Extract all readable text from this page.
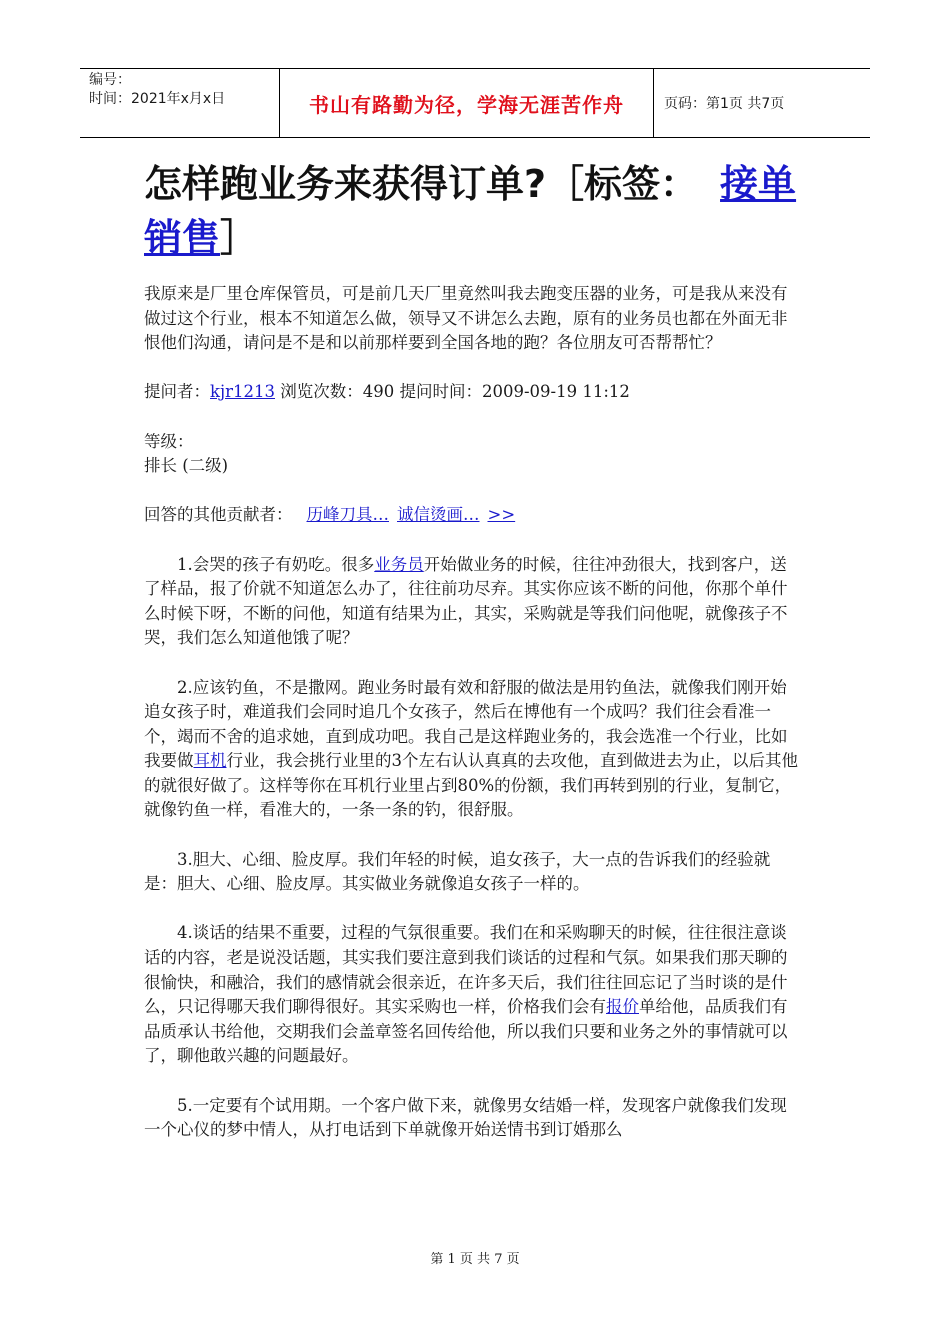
编号：
时间：2021年x月x日	书山有路勤为径，学海无涯苦作舟	页码：第1页 共7页
怎样跑业务来获得订单?［标签： 接单
销售］

我原来是厂里仓库保管员，可是前几天厂里竟然叫我去跑变压器的业务，可是我从来没有做过这个行业，根本不知道怎么做，领导又不讲怎么去跑，原有的业务员也都在外面无非恨他们沟通，请问是不是和以前那样要到全国各地的跑？各位朋友可否帮帮忙？

提问者：kjr1213 浏览次数：490 提问时间：2009-09-19 11:12

等级：
排长 (二级)

回答的其他贡献者： 历峰刀具… 诚信烫画… >>

1.会哭的孩子有奶吃。很多业务员开始做业务的时候，往往冲劲很大，找到客户，送了样品，报了价就不知道怎么办了，往往前功尽弃。其实你应该不断的问他，你那个单什么时候下呀，不断的问他，知道有结果为止，其实，采购就是等我们问他呢，就像孩子不哭，我们怎么知道他饿了呢？

2.应该钓鱼，不是撒网。跑业务时最有效和舒服的做法是用钓鱼法，就像我们刚开始追女孩子时，难道我们会同时追几个女孩子，然后在博他有一个成吗？我们往会看准一个，竭而不舍的追求她，直到成功吧。我自己是这样跑业务的，我会选准一个行业，比如我要做耳机行业，我会挑行业里的3个左右认认真真的去攻他，直到做进去为止，以后其他的就很好做了。这样等你在耳机行业里占到80%的份额，我们再转到别的行业，复制它，就像钓鱼一样，看准大的，一条一条的钓，很舒服。

3.胆大、心细、脸皮厚。我们年轻的时候，追女孩子，大一点的告诉我们的经验就是：胆大、心细、脸皮厚。其实做业务就像追女孩子一样的。

4.谈话的结果不重要，过程的气氛很重要。我们在和采购聊天的时候，往往很注意谈话的内容，老是说没话题，其实我们要注意到我们谈话的过程和气氛。如果我们那天聊的很愉快，和融洽，我们的感情就会很亲近，在许多天后，我们往往回忘记了当时谈的是什么，只记得哪天我们聊得很好。其实采购也一样，价格我们会有报价单给他，品质我们有品质承认书给他，交期我们会盖章签名回传给他，所以我们只要和业务之外的事情就可以了，聊他敢兴趣的问题最好。

5.一定要有个试用期。一个客户做下来，就像男女结婚一样，发现客户就像我们发现一个心仪的梦中情人，从打电话到下单就像开始送情书到订婚那么

第 1 页 共 7 页
